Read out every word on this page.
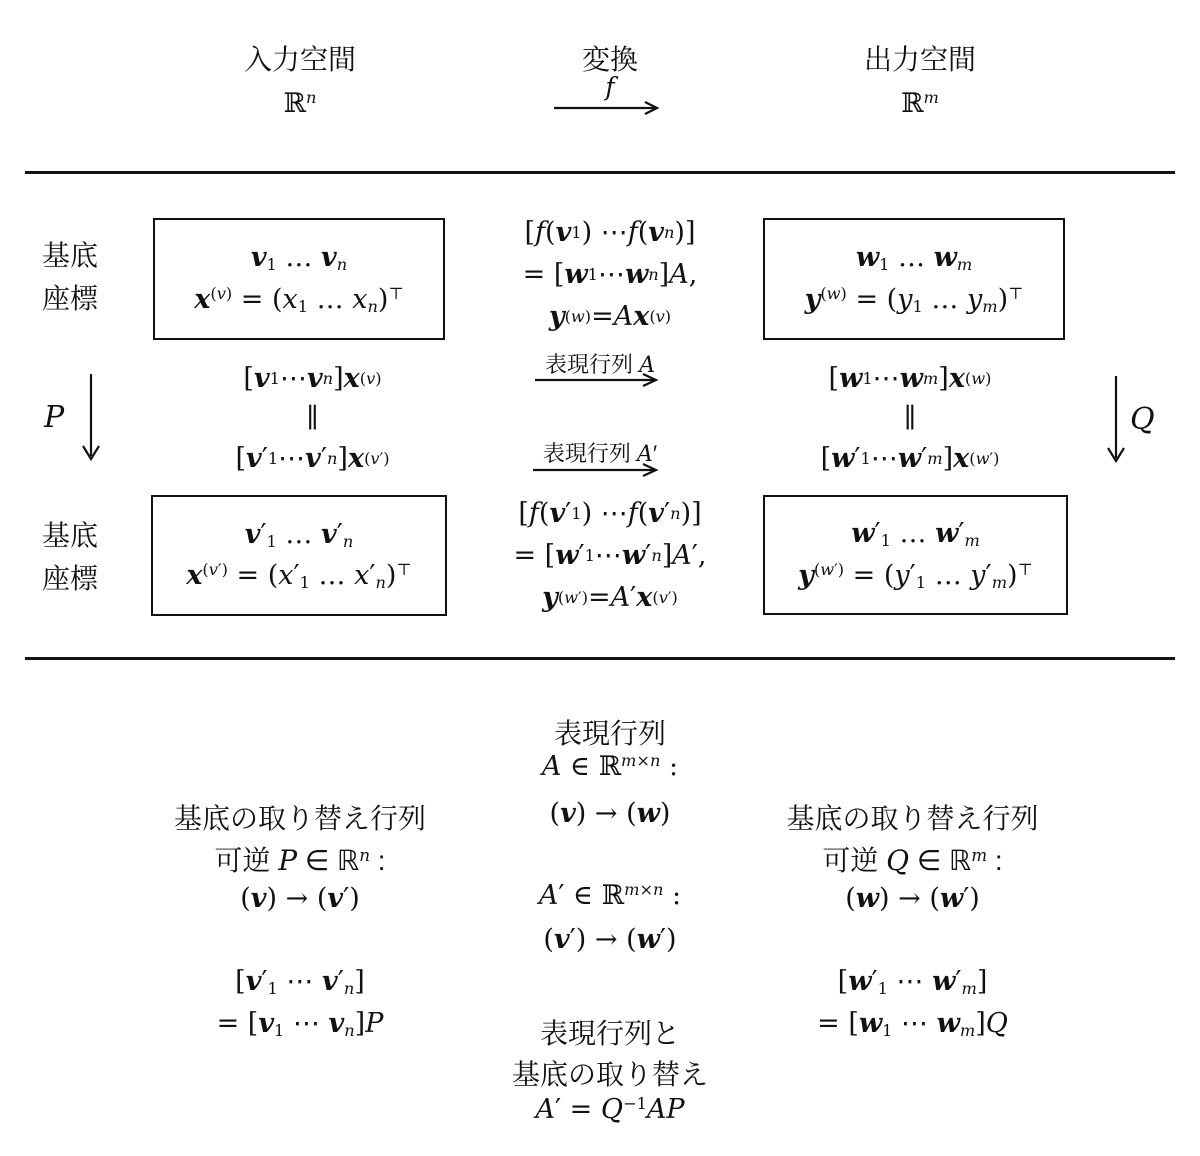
入力空間
ℝ$^n$
変換
f
出力空間
ℝ$^m$
基底
座標
$v_1$ … $v_n$
$x^{(v)} = (x_1$ … $x_n)^⊤$
[ f ( v 1 ) ⋯ f ( v n )]
= [ w 1 ⋯ w n ] A ,
y (w) = A x (v)
$w_1$ … $w_m$
$y^{(w)} = (y_1$ … $y_m)^⊤$
P
[ v 1 ⋯ v n ] x (v)
∥
[ v ′ 1 ⋯ v ′ n ] x (v′)
表現行列 A
表現行列 A′
[ w 1 ⋯ w m ] x (w)
∥
[ w ′ 1 ⋯ w ′ m ] x (w′)
Q
基底
座標
$v'_1$ … $v'_n$
$x^{(v')} = (x'_1$ … $x'_n)^⊤$
[ f ( v ′ 1 ) ⋯ f ( v ′ n )]
= [ w ′ 1 ⋯ w ′ n ] A ′,
y (w′) = A ′ x (v′)
$w'_1$ … $w'_m$
$y^{(w')} = (y'_1$ … $y'_m)^⊤$
表現行列
A ∈ ℝ$^{m\times n}$ :
(v) → (w)
A′ ∈ ℝ$^{m\times n}$ :
(v′) → (w′)
基底の取り替え行列
可逆 P ∈ ℝ$^n$ :
(v) → (v′)
[$v'_1$ ⋯ $v'_n$]
= [$v_1$ ⋯ $v_n]P$
基底の取り替え行列
可逆 Q ∈ ℝ$^m$ :
(w) → (w′)
[$w'_1$ ⋯ $w'_m$]
= [$w_1$ ⋯ $w_m]Q$
表現行列と
基底の取り替え
$A' = Q^{-1}AP$
